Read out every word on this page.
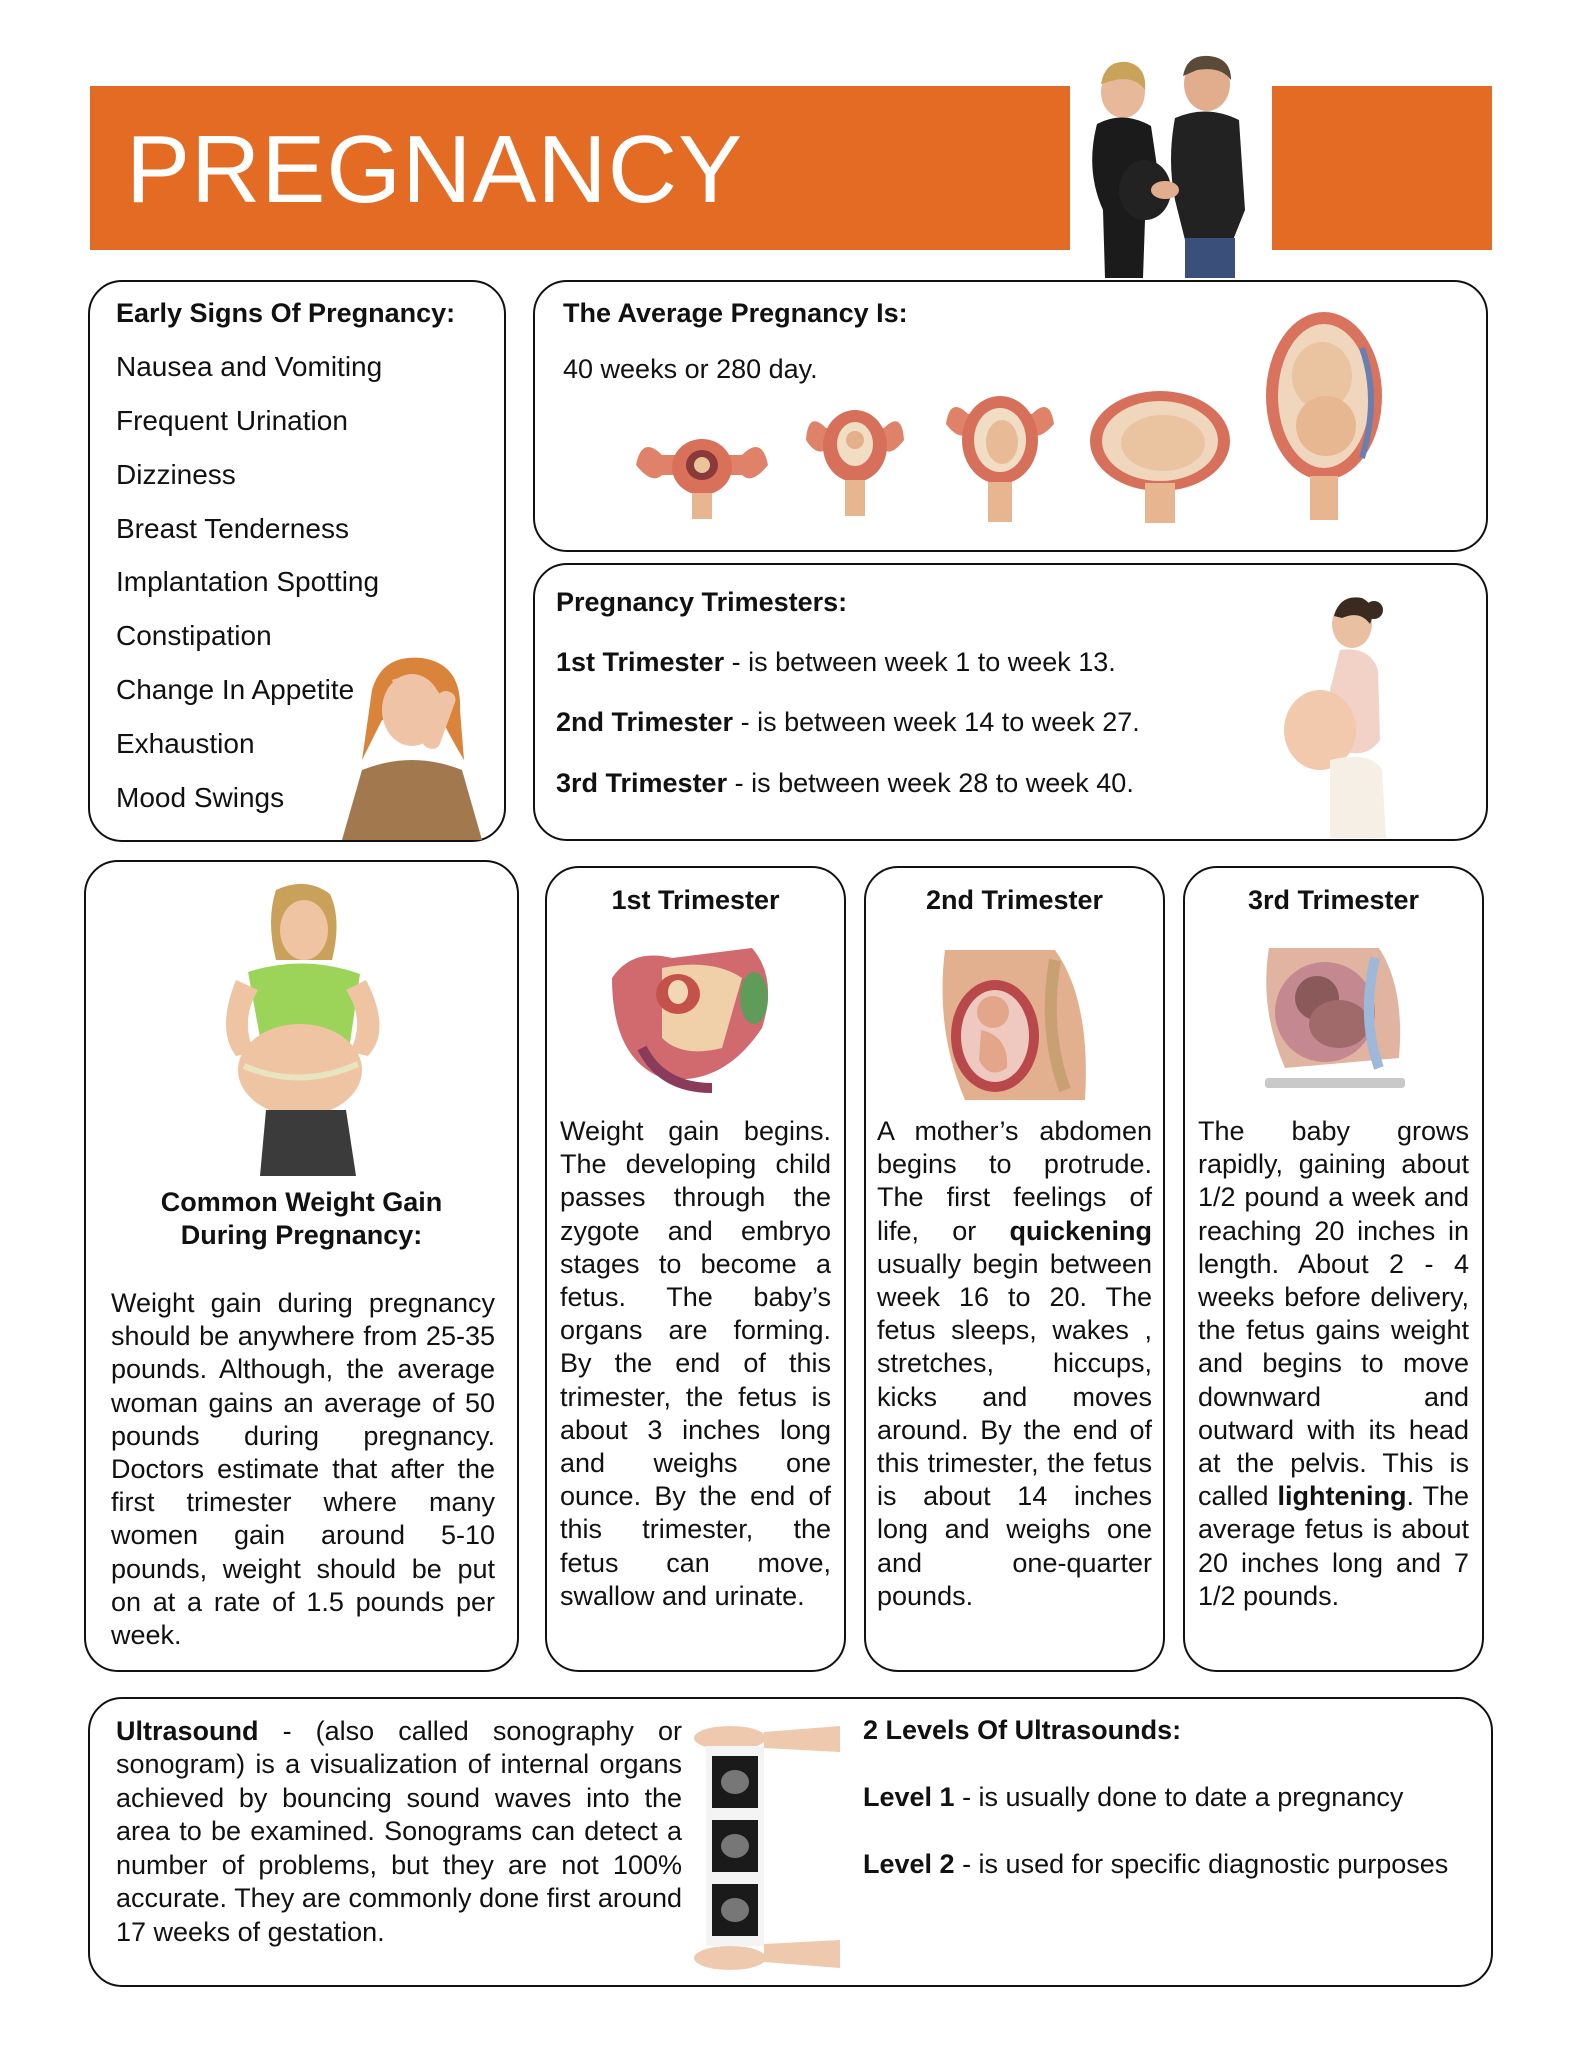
PREGNANCY
Early Signs Of Pregnancy:
Nausea and Vomiting
Frequent Urination
Dizziness
Breast Tenderness
Implantation Spotting
Constipation
Change In Appetite
Exhaustion
Mood Swings
The Average Pregnancy Is:
40 weeks or 280 day.
Pregnancy Trimesters:
1st Trimester - is between week 1 to week 13.
2nd Trimester - is between week 14 to week 27.
3rd Trimester - is between week 28 to week 40.
Common Weight Gain
During Pregnancy:
Weight gain during pregnancy should be anywhere from 25-35 pounds. Although, the average woman gains an average of 50 pounds during pregnancy. Doctors estimate that after the first trimester where many women gain around 5-10 pounds, weight should be put on at a rate of 1.5 pounds per week.
1st Trimester
Weight gain begins. The developing child passes through the zygote and embryo stages to become a fetus. The baby’s organs are forming. By the end of this trimester, the fetus is about 3 inches long and weighs one ounce. By the end of this trimester, the fetus can move, swallow and urinate.
2nd Trimester
A mother’s abdomen begins to protrude. The first feelings of life, or quickening usually begin between week 16 to 20. The fetus sleeps, wakes , stretches, hiccups, kicks and moves around. By the end of this trimester, the fetus is about 14 inches long and weighs one and one-quarter pounds.
3rd Trimester
The baby grows rapidly, gaining about 1/2 pound a week and reaching 20 inches in length. About 2 - 4 weeks before delivery, the fetus gains weight and begins to move downward and outward with its head at the pelvis. This is called lightening. The average fetus is about 20 inches long and 7 1/2 pounds.
Ultrasound - (also called sonography or sonogram) is a visualization of internal organs achieved by bouncing sound waves into the area to be examined. Sonograms can detect a number of problems, but they are not 100% accurate. They are commonly done first around 17 weeks of gestation.
2 Levels Of Ultrasounds:
Level 1 - is usually done to date a pregnancy
Level 2 - is used for specific diagnostic purposes
